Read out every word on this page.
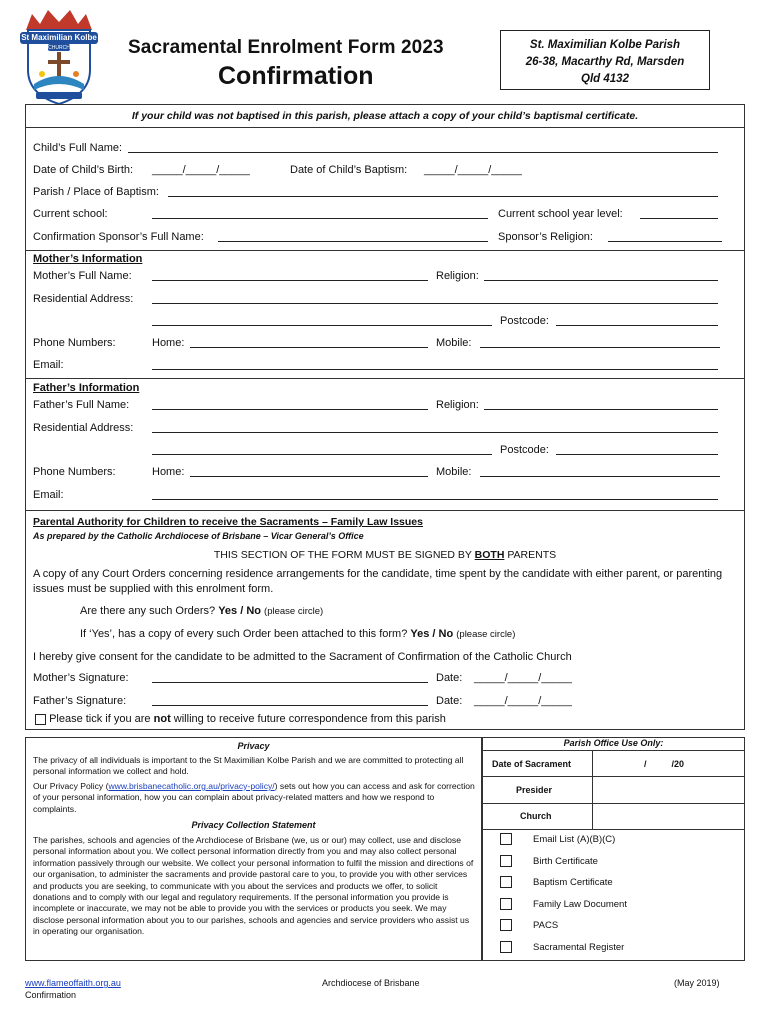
St Maximilian Kolbe
CHURCH	Sacramental Enrolment Form 2023
Confirmation
St. Maximilian Kolbe Parish
26-38, Macarthy Rd, Marsden
Qld 4132
If your child was not baptised in this parish, please attach a copy of your child’s baptismal certificate.
Child’s Full Name:
Date of Child’s Birth: _____/_____/_____	Date of Child’s Baptism: _____/_____/_____
Parish / Place of Baptism:
Current school:	Current school year level:
Confirmation Sponsor’s Full Name:	Sponsor’s Religion:
Mother’s Information
Mother’s Full Name:	Religion:
Residential Address:
Postcode:
Phone Numbers:	Home:	Mobile:
Email:
Father’s Information
Father’s Full Name:	Religion:
Residential Address:
Postcode:
Phone Numbers:	Home:	Mobile:
Email:
Parental Authority for Children to receive the Sacraments – Family Law Issues
As prepared by the Catholic Archdiocese of Brisbane – Vicar General’s Office
THIS SECTION OF THE FORM MUST BE SIGNED BY BOTH PARENTS
A copy of any Court Orders concerning residence arrangements for the candidate, time spent by the candidate with either parent, or parenting issues must be supplied with this enrolment form.
Are there any such Orders? Yes / No (please circle)
If ‘Yes’, has a copy of every such Order been attached to this form? Yes / No (please circle)
I hereby give consent for the candidate to be admitted to the Sacrament of Confirmation of the Catholic Church
Mother’s Signature:	Date: _____/_____/_____
Father’s Signature:	Date: _____/_____/_____
Please tick if you are not willing to receive future correspondence from this parish
Privacy
The privacy of all individuals is important to the St Maximilian Kolbe Parish and we are committed to protecting all personal information we collect and hold.
Our Privacy Policy (www.brisbanecatholic.org.au/privacy-policy/) sets out how you can access and ask for correction of your personal information, how you can complain about privacy-related matters and how we respond to complaints.
Privacy Collection Statement
The parishes, schools and agencies of the Archdiocese of Brisbane (we, us or our) may collect, use and disclose personal information about you. We collect personal information directly from you and may also collect personal information passively through our website. We collect your personal information to fulfil the mission and directions of our organisation, to administer the sacraments and provide pastoral care to you, to provide you with other services and products you are seeking, to communicate with you about the services and products we offer, to solicit donations and to comply with our legal and regulatory requirements. If the personal information you provide is incomplete or inaccurate, we may not be able to provide you with the services or products you seek. We may disclose personal information about you to our parishes, schools and agencies and service providers who assist us in operating our organisation.
Parish Office Use Only:
Date of Sacrament	/          /20
Presider
Church
Email List (A)(B)(C)
Birth Certificate
Baptism Certificate
Family Law Document
PACS
Sacramental Register
www.flameoffaith.org.au
Confirmation
Archdiocese of Brisbane	(May 2019)
